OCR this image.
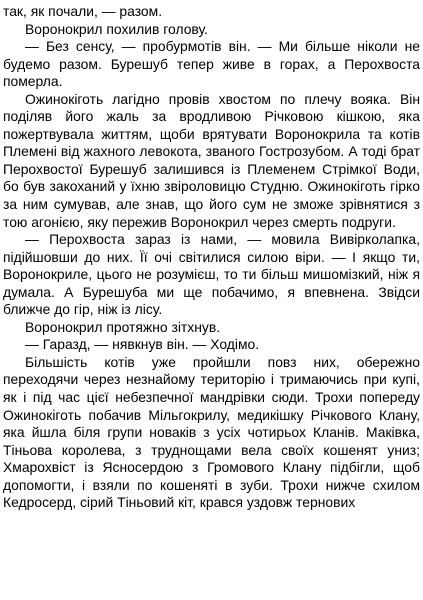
так, як почали, — разом.

Воронокрил похилив голову.

— Без сенсу, — пробурмотів він. — Ми більше ніколи не будемо разом. Бурешуб тепер живе в горах, а Перохвоста померла.

Ожинокіготь лагідно провів хвостом по плечу вояка. Він поділяв його жаль за вродливою Річковою кішкою, яка пожертвувала життям, щоби врятувати Воронокрила та котів Племені від жахного левокота, званого Гострозубом. А тоді брат Перохвостої Бурешуб залишився із Племенем Стрімкої Води, бо був закоханий у їхню звіроловицю Студню. Ожинокіготь гірко за ним сумував, але знав, що його сум не зможе зрівнятися з тою агонією, яку пережив Воронокрил через смерть подруги.

— Перохвоста зараз із нами, — мовила Вивірколапка, підійшовши до них. Її очі світилися силою віри. — І якщо ти, Воронокриле, цього не розумієш, то ти більш мишомізкий, ніж я думала. А Бурешуба ми ще побачимо, я впевнена. Звідси ближче до гір, ніж із лісу.

Воронокрил протяжно зітхнув.

— Гаразд, — нявкнув він. — Ходімо.

Більшість котів уже пройшли повз них, обережно переходячи через незнайому територію і тримаючись при купі, як і під час цієї небезпечної мандрівки сюди. Трохи попереду Ожинокіготь побачив Мільгокрилу, медикішку Річкового Клану, яка йшла біля групи новаків з усіх чотирьох Кланів. Маківка, Тіньова королева, з труднощами вела своїх кошенят униз; Хмарохвіст із Ясносердою з Громового Клану підбігли, щоб допомогти, і взяли по кошеняті в зуби. Трохи нижче схилом Кедросерд, сірий Тіньовий кіт, крався уздовж тернових
